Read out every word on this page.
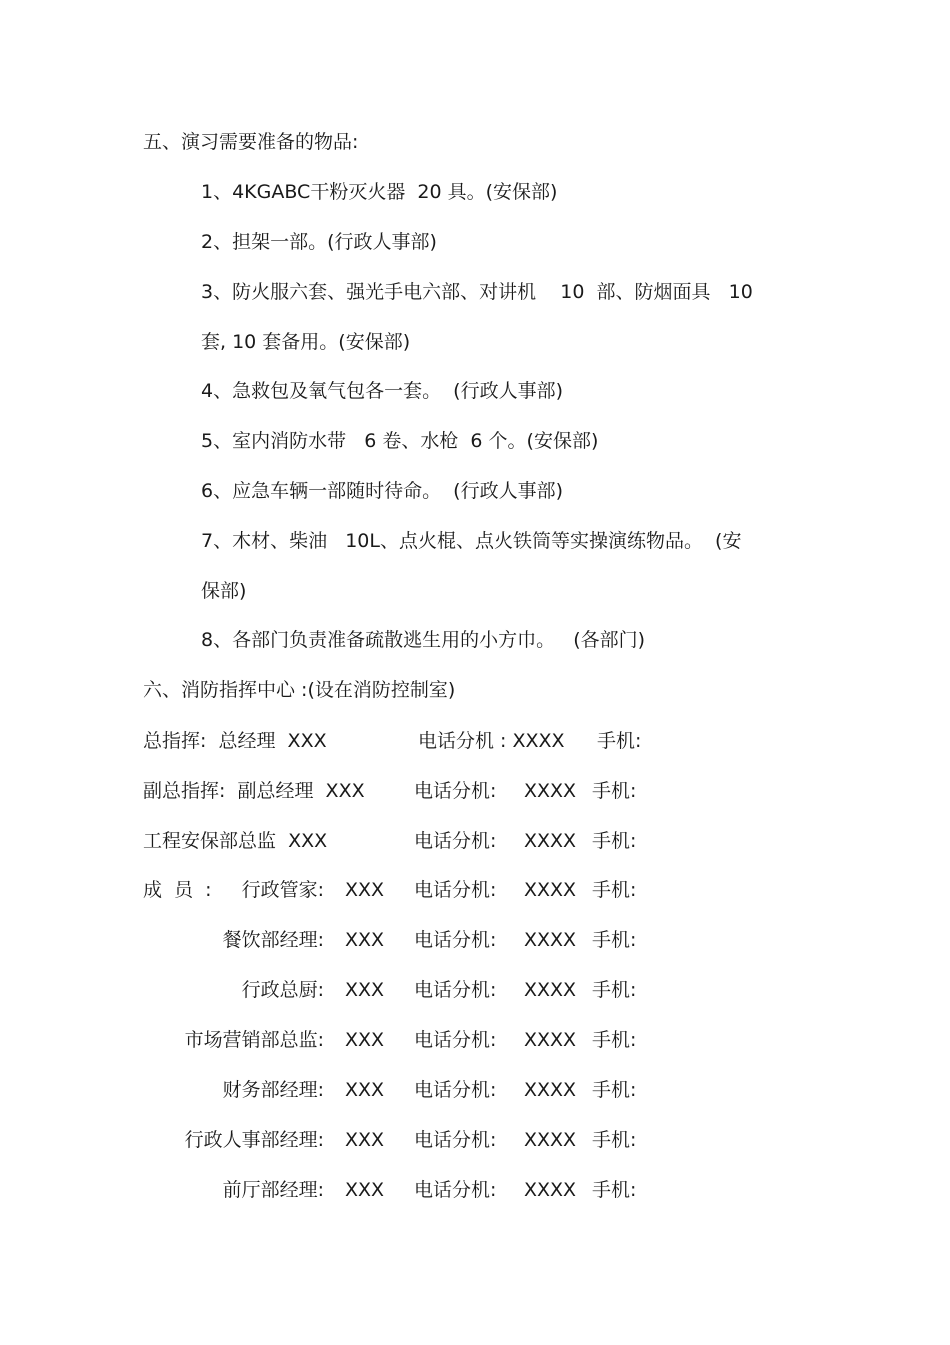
五、演习需要准备的物品:
1、4KGABC干粉灭火器  20 具。(安保部)
2、担架一部。(行政人事部)
3、防火服六套、强光手电六部、对讲机    10  部、防烟面具   10
套, 10 套备用。(安保部)
4、急救包及氧气包各一套。  (行政人事部)
5、室内消防水带   6 卷、水枪  6 个。(安保部)
6、应急车辆一部随时待命。  (行政人事部)
7、木材、柴油   10L、点火棍、点火铁筒等实操演练物品。  (安
保部)
8、各部门负责准备疏散逃生用的小方巾。   (各部门)
六、消防指挥中心 :(设在消防控制室)
总指挥:  总经理  XXX	电话分机 : XXXX 手机:
副总指挥:  副总经理  XXX	电话分机: XXXX 手机:
工程安保部总监  XXX	电话分机: XXXX 手机:
成  员  :	行政管家: XXX 电话分机: XXXX 手机:
餐饮部经理: XXX 电话分机: XXXX 手机:
行政总厨: XXX 电话分机: XXXX 手机:
市场营销部总监: XXX 电话分机: XXXX 手机:
财务部经理: XXX 电话分机: XXXX 手机:
行政人事部经理: XXX 电话分机: XXXX 手机:
前厅部经理: XXX 电话分机: XXXX 手机:
